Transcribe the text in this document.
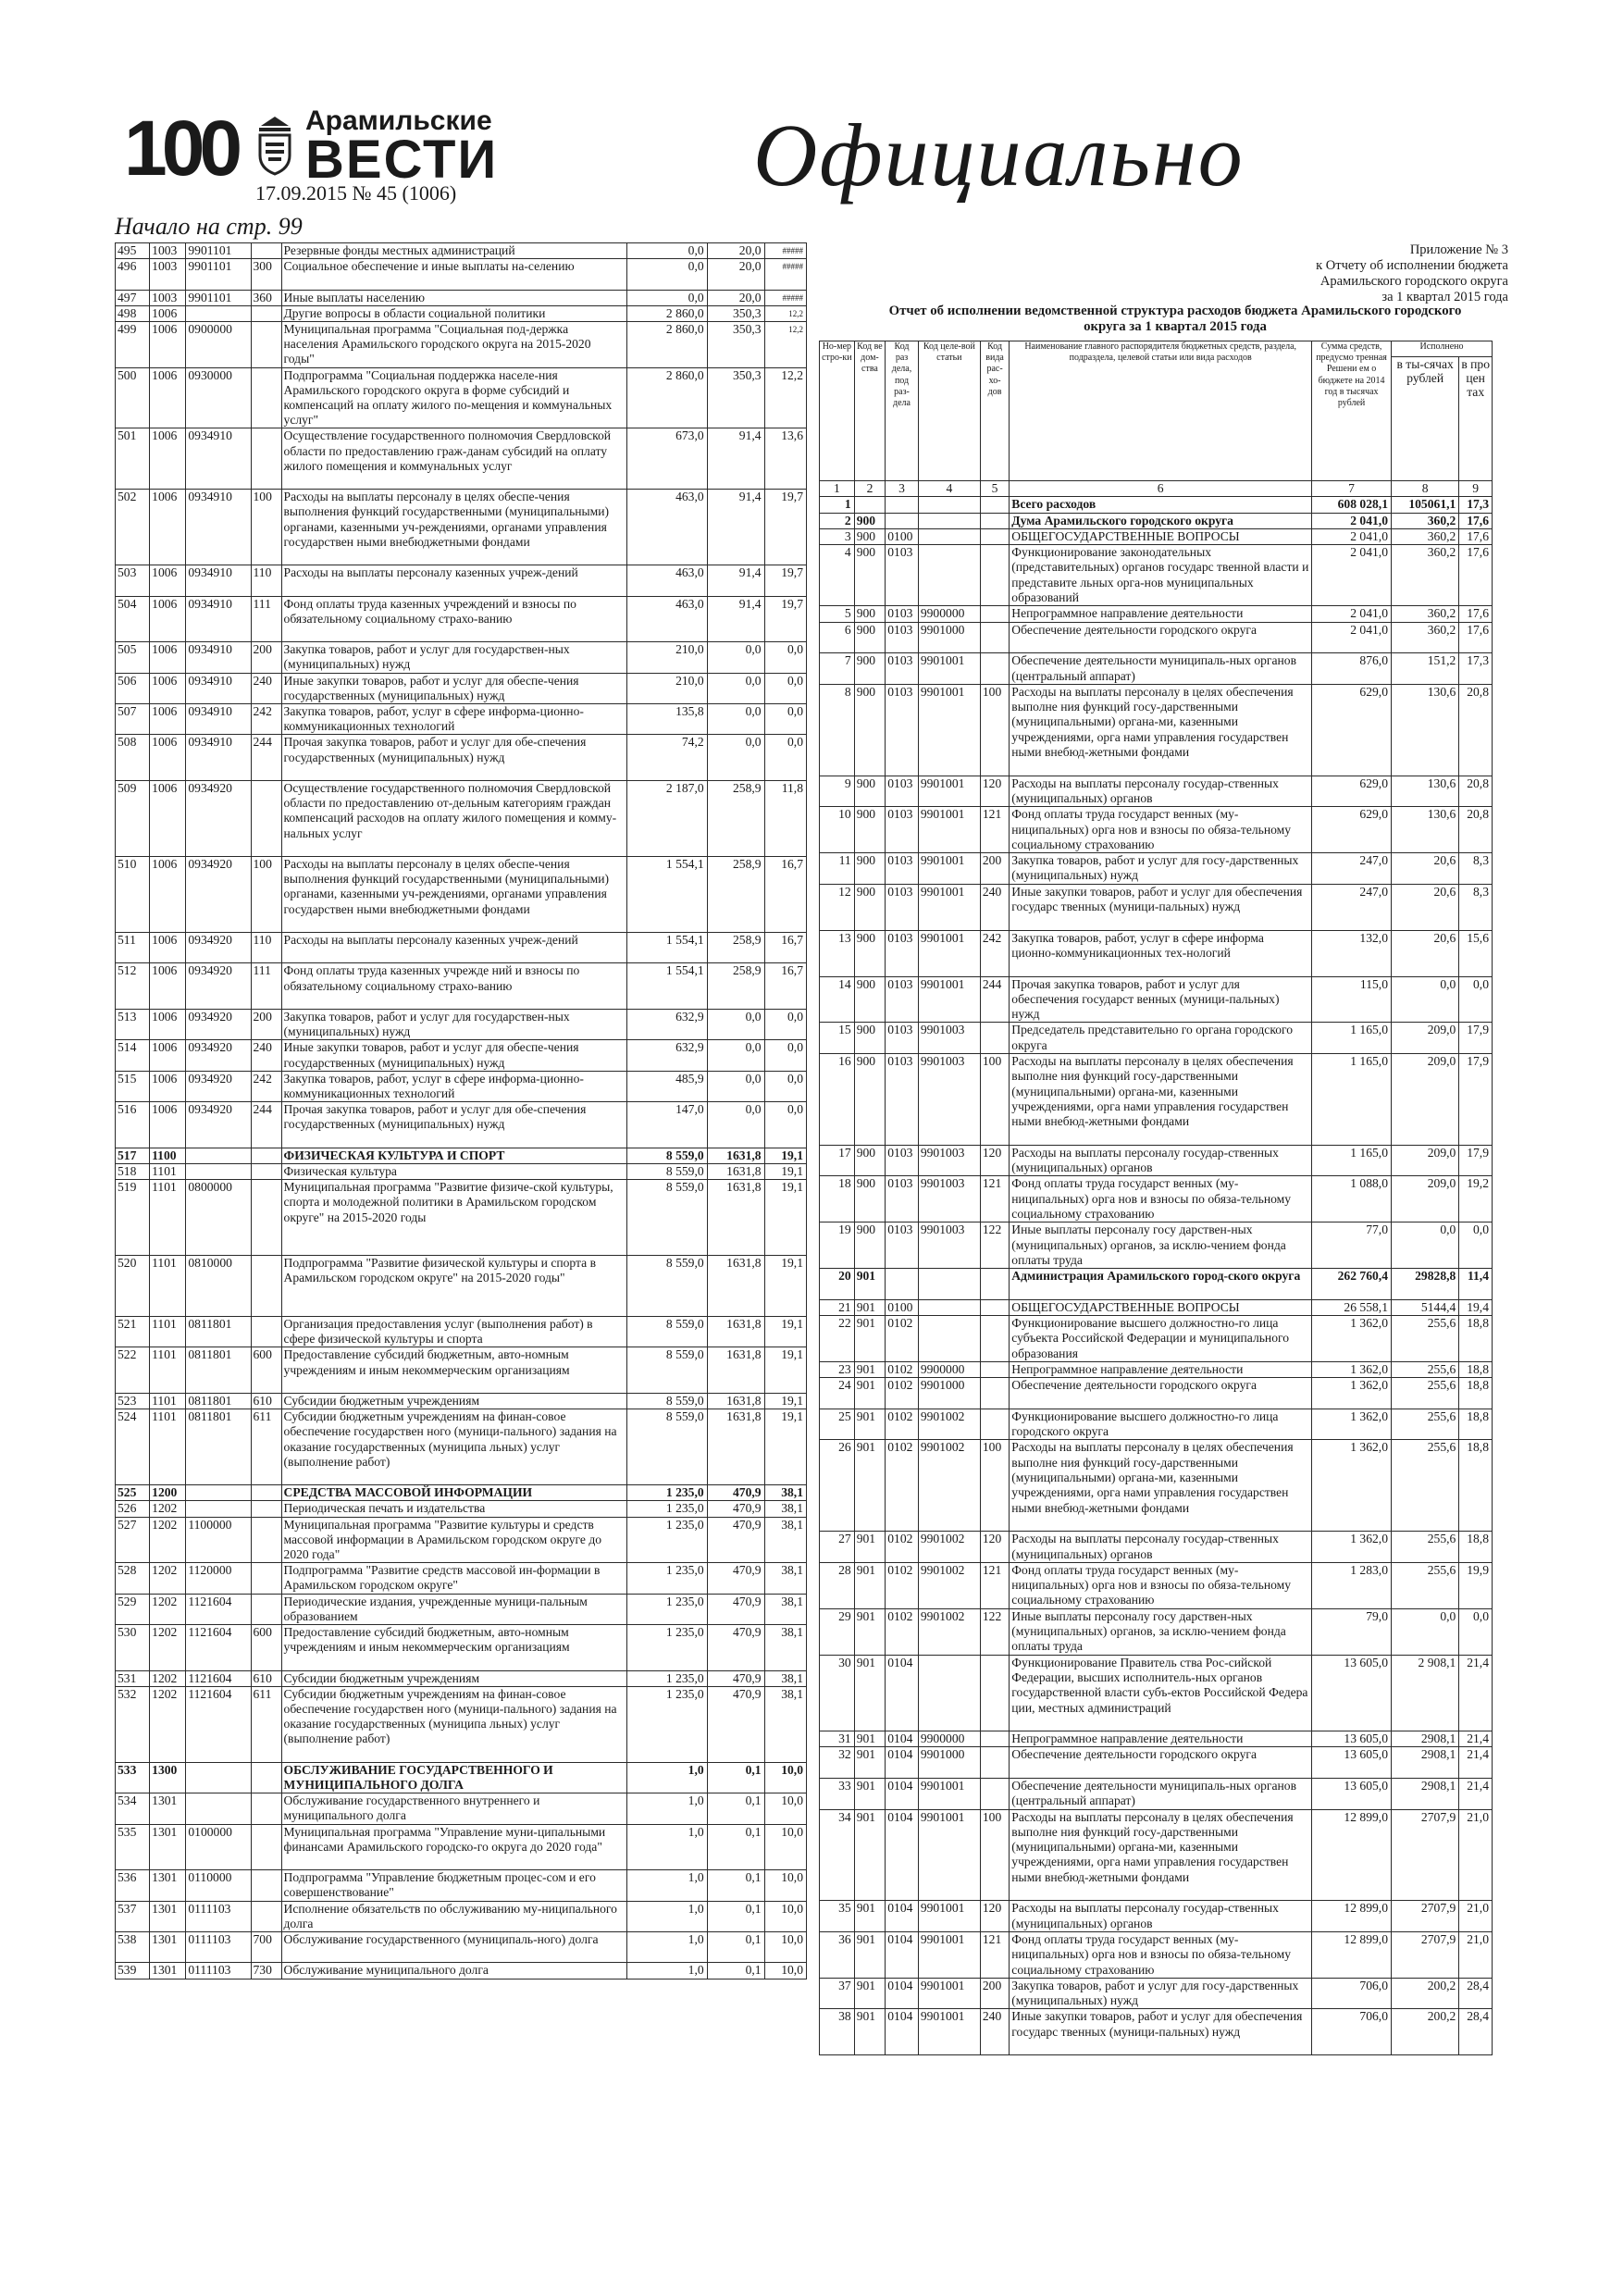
100 Арамильские
ВЕСТИ
17.09.2015 № 45 (1006)	Официально
Начало на стр. 99
495	1003	9901101		Резервные фонды местных администраций	0,0	20,0	#####
496	1003	9901101	300	Социальное обеспечение и иные выплаты на-селению	0,0	20,0	#####
497	1003	9901101	360	Иные выплаты населению	0,0	20,0	#####
498	1006			Другие вопросы в области социальной политики	2 860,0	350,3	12,2
499	1006	0900000		Муниципальная программа "Социальная под-держка населения Арамильского городского округа на 2015-2020 годы"	2 860,0	350,3	12,2
500	1006	0930000		Подпрограмма "Социальная поддержка населе-ния Арамильского городского округа в форме субсидий и компенсаций на оплату жилого по-мещения и коммунальных услуг"	2 860,0	350,3	12,2
501	1006	0934910		Осуществление государственного полномочия Свердловской области по предоставлению граж-данам субсидий на оплату жилого помещения и коммунальных услуг	673,0	91,4	13,6
502	1006	0934910	100	Расходы на выплаты персоналу в целях обеспе-чения выполнения функций государственными (муниципальными) органами, казенными уч-реждениями, органами управления государствен ными внебюджетными фондами	463,0	91,4	19,7
503	1006	0934910	110	Расходы на выплаты персоналу казенных учреж-дений	463,0	91,4	19,7
504	1006	0934910	111	Фонд оплаты труда казенных учреждений и взносы по обязательному социальному страхо-ванию	463,0	91,4	19,7
505	1006	0934910	200	Закупка товаров, работ и услуг для государствен-ных (муниципальных) нужд	210,0	0,0	0,0
506	1006	0934910	240	Иные закупки товаров, работ и услуг для обеспе-чения государственных (муниципальных) нужд	210,0	0,0	0,0
507	1006	0934910	242	Закупка товаров, работ, услуг в сфере информа-ционно-коммуникационных технологий	135,8	0,0	0,0
508	1006	0934910	244	Прочая закупка товаров, работ и услуг для обе-спечения государственных (муниципальных) нужд	74,2	0,0	0,0
509	1006	0934920		Осуществление государственного полномочия Свердловской области по предоставлению от-дельным категориям граждан компенсаций расходов на оплату жилого помещения и комму-нальных услуг	2 187,0	258,9	11,8
510	1006	0934920	100	Расходы на выплаты персоналу в целях обеспе-чения выполнения функций государственными (муниципальными) органами, казенными уч-реждениями, органами управления государствен ными внебюджетными фондами	1 554,1	258,9	16,7
511	1006	0934920	110	Расходы на выплаты персоналу казенных учреж-дений	1 554,1	258,9	16,7
512	1006	0934920	111	Фонд оплаты труда казенных учрежде ний и взносы по обязательному социальному страхо-ванию	1 554,1	258,9	16,7
513	1006	0934920	200	Закупка товаров, работ и услуг для государствен-ных (муниципальных) нужд	632,9	0,0	0,0
514	1006	0934920	240	Иные закупки товаров, работ и услуг для обеспе-чения государственных (муниципальных) нужд	632,9	0,0	0,0
515	1006	0934920	242	Закупка товаров, работ, услуг в сфере информа-ционно-коммуникационных технологий	485,9	0,0	0,0
516	1006	0934920	244	Прочая закупка товаров, работ и услуг для обе-спечения государственных (муниципальных) нужд	147,0	0,0	0,0
517	1100			ФИЗИЧЕСКАЯ КУЛЬТУРА И СПОРТ	8 559,0	1631,8	19,1
518	1101			Физическая культура	8 559,0	1631,8	19,1
519	1101	0800000		Муниципальная программа "Развитие физиче-ской культуры, спорта и молодежной политики в Арамильском городском округе" на 2015-2020 годы	8 559,0	1631,8	19,1
520	1101	0810000		Подпрограмма "Развитие физической культуры и спорта в Арамильском городском округе" на 2015-2020 годы"	8 559,0	1631,8	19,1
521	1101	0811801		Организация предоставления услуг (выполнения работ) в сфере физической культуры и спорта	8 559,0	1631,8	19,1
522	1101	0811801	600	Предоставление субсидий бюджетным, авто-номным учреждениям и иным некоммерческим организациям	8 559,0	1631,8	19,1
523	1101	0811801	610	Субсидии бюджетным учреждениям	8 559,0	1631,8	19,1
524	1101	0811801	611	Субсидии бюджетным учреждениям на финан-совое обеспечение государствен ного (муници-пального) задания на оказание государственных (муниципа льных) услуг (выполнение работ)	8 559,0	1631,8	19,1
525	1200			СРЕДСТВА МАССОВОЙ ИНФОРМАЦИИ	1 235,0	470,9	38,1
526	1202			Периодическая печать и издательства	1 235,0	470,9	38,1
527	1202	1100000		Муниципальная программа "Развитие культуры и средств массовой информации в Арамильском городском округе до 2020 года"	1 235,0	470,9	38,1
528	1202	1120000		Подпрограмма "Развитие средств массовой ин-формации в Арамильском городском округе"	1 235,0	470,9	38,1
529	1202	1121604		Периодические издания, учрежденные муници-пальным образованием	1 235,0	470,9	38,1
530	1202	1121604	600	Предоставление субсидий бюджетным, авто-номным учреждениям и иным некоммерческим организациям	1 235,0	470,9	38,1
531	1202	1121604	610	Субсидии бюджетным учреждениям	1 235,0	470,9	38,1
532	1202	1121604	611	Субсидии бюджетным учреждениям на финан-совое обеспечение государствен ного (муници-пального) задания на оказание государственных (муниципа льных) услуг (выполнение работ)	1 235,0	470,9	38,1
533	1300			ОБСЛУЖИВАНИЕ ГОСУДАРСТВЕННОГО И МУНИЦИПАЛЬНОГО ДОЛГА	1,0	0,1	10,0
534	1301			Обслуживание государственного внутреннего и муниципального долга	1,0	0,1	10,0
535	1301	0100000		Муниципальная программа "Управление муни-ципальными финансами Арамильского городско-го округа до 2020 года"	1,0	0,1	10,0
536	1301	0110000		Подпрограмма "Управление бюджетным процес-сом и его совершенствование"	1,0	0,1	10,0
537	1301	0111103		Исполнение обязательств по обслуживанию му-ниципального долга	1,0	0,1	10,0
538	1301	0111103	700	Обслуживание государственного (муниципаль-ного) долга	1,0	0,1	10,0
539	1301	0111103	730	Обслуживание муниципального долга	1,0	0,1	10,0
Приложение № 3
к Отчету об исполнении бюджета
Арамильского городского округа
за 1 квартал 2015 года
Отчет об исполнении ведомственной структура расходов бюджета Арамильского городского
округа за 1 квартал 2015 года
Но-мер стро-ки	Код ве дом-ства	Код раз дела, под раз-дела	Код целе-вой статьи	Код вида рас-хо-дов	Наименование главного распорядителя бюджетных средств, раздела, подраздела, целевой статьи или вида расходов	Сумма средств, предусмо тренная Решени ем о бюджете на 2014 год в тысячах рублей	Исполнено	
							в ты-сячах рублей	в про цен тах
1	2	3	4	5	6	7	8	9
1					Всего расходов	608 028,1	105061,1	17,3
2	900				Дума Арамильского городского округа	2 041,0	360,2	17,6
3	900	0100			ОБЩЕГОСУДАРСТВЕННЫЕ ВОПРОСЫ	2 041,0	360,2	17,6
4	900	0103			Функционирование законодательных (представительных) органов государс твенной власти и представите льных орга-нов муниципальных образований	2 041,0	360,2	17,6
5	900	0103	9900000		Непрограммное направление деятельности	2 041,0	360,2	17,6
6	900	0103	9901000		Обеспечение деятельности городского округа	2 041,0	360,2	17,6
7	900	0103	9901001		Обеспечение деятельности муниципаль-ных органов (центральный аппарат)	876,0	151,2	17,3
8	900	0103	9901001	100	Расходы на выплаты персоналу в целях обеспечения выполне ния функций госу-дарственными (муниципальными) органа-ми, казенными учреждениями, орга нами управления государствен ными внебюд-жетными фондами	629,0	130,6	20,8
9	900	0103	9901001	120	Расходы на выплаты персоналу государ-ственных (муниципальных) органов	629,0	130,6	20,8
10	900	0103	9901001	121	Фонд оплаты труда государст венных (му-ниципальных) орга нов и взносы по обяза-тельному социальному страхованию	629,0	130,6	20,8
11	900	0103	9901001	200	Закупка товаров, работ и услуг для госу-дарственных (муниципальных) нужд	247,0	20,6	8,3
12	900	0103	9901001	240	Иные закупки товаров, работ и услуг для обеспечения государс твенных (муници-пальных) нужд	247,0	20,6	8,3
13	900	0103	9901001	242	Закупка товаров, работ, услуг в сфере информа ционно-коммуникационных тех-нологий	132,0	20,6	15,6
14	900	0103	9901001	244	Прочая закупка товаров, работ и услуг для обеспечения государст венных (муници-пальных) нужд	115,0	0,0	0,0
15	900	0103	9901003		Председатель представительно го органа городского округа	1 165,0	209,0	17,9
16	900	0103	9901003	100	Расходы на выплаты персоналу в целях обеспечения выполне ния функций госу-дарственными (муниципальными) органа-ми, казенными учреждениями, орга нами управления государствен ными внебюд-жетными фондами	1 165,0	209,0	17,9
17	900	0103	9901003	120	Расходы на выплаты персоналу государ-ственных (муниципальных) органов	1 165,0	209,0	17,9
18	900	0103	9901003	121	Фонд оплаты труда государст венных (му-ниципальных) орга нов и взносы по обяза-тельному социальному страхованию	1 088,0	209,0	19,2
19	900	0103	9901003	122	Иные выплаты персоналу госу дарствен-ных (муниципальных) органов, за исклю-чением фонда оплаты труда	77,0	0,0	0,0
20	901				Администрация Арамильского город-ского округа	262 760,4	29828,8	11,4
21	901	0100			ОБЩЕГОСУДАРСТВЕННЫЕ ВОПРОСЫ	26 558,1	5144,4	19,4
22	901	0102			Функционирование высшего должностно-го лица субъекта Российской Федерации и муниципального образования	1 362,0	255,6	18,8
23	901	0102	9900000		Непрограммное направление деятельности	1 362,0	255,6	18,8
24	901	0102	9901000		Обеспечение деятельности городского округа	1 362,0	255,6	18,8
25	901	0102	9901002		Функционирование высшего должностно-го лица городского округа	1 362,0	255,6	18,8
26	901	0102	9901002	100	Расходы на выплаты персоналу в целях обеспечения выполне ния функций госу-дарственными (муниципальными) органа-ми, казенными учреждениями, орга нами управления государствен ными внебюд-жетными фондами	1 362,0	255,6	18,8
27	901	0102	9901002	120	Расходы на выплаты персоналу государ-ственных (муниципальных) органов	1 362,0	255,6	18,8
28	901	0102	9901002	121	Фонд оплаты труда государст венных (му-ниципальных) орга нов и взносы по обяза-тельному социальному страхованию	1 283,0	255,6	19,9
29	901	0102	9901002	122	Иные выплаты персоналу госу дарствен-ных (муниципальных) органов, за исклю-чением фонда оплаты труда	79,0	0,0	0,0
30	901	0104			Функционирование Правитель ства Рос-сийской Федерации, высших исполнитель-ных органов государственной власти субъ-ектов Российской Федера ции, местных администраций	13 605,0	2 908,1	21,4
31	901	0104	9900000		Непрограммное направление деятельности	13 605,0	2908,1	21,4
32	901	0104	9901000		Обеспечение деятельности городского округа	13 605,0	2908,1	21,4
33	901	0104	9901001		Обеспечение деятельности муниципаль-ных органов (центральный аппарат)	13 605,0	2908,1	21,4
34	901	0104	9901001	100	Расходы на выплаты персоналу в целях обеспечения выполне ния функций госу-дарственными (муниципальными) органа-ми, казенными учреждениями, орга нами управления государствен ными внебюд-жетными фондами	12 899,0	2707,9	21,0
35	901	0104	9901001	120	Расходы на выплаты персоналу государ-ственных (муниципальных) органов	12 899,0	2707,9	21,0
36	901	0104	9901001	121	Фонд оплаты труда государст венных (му-ниципальных) орга нов и взносы по обяза-тельному социальному страхованию	12 899,0	2707,9	21,0
37	901	0104	9901001	200	Закупка товаров, работ и услуг для госу-дарственных (муниципальных) нужд	706,0	200,2	28,4
38	901	0104	9901001	240	Иные закупки товаров, работ и услуг для обеспечения государс твенных (муници-пальных) нужд	706,0	200,2	28,4
